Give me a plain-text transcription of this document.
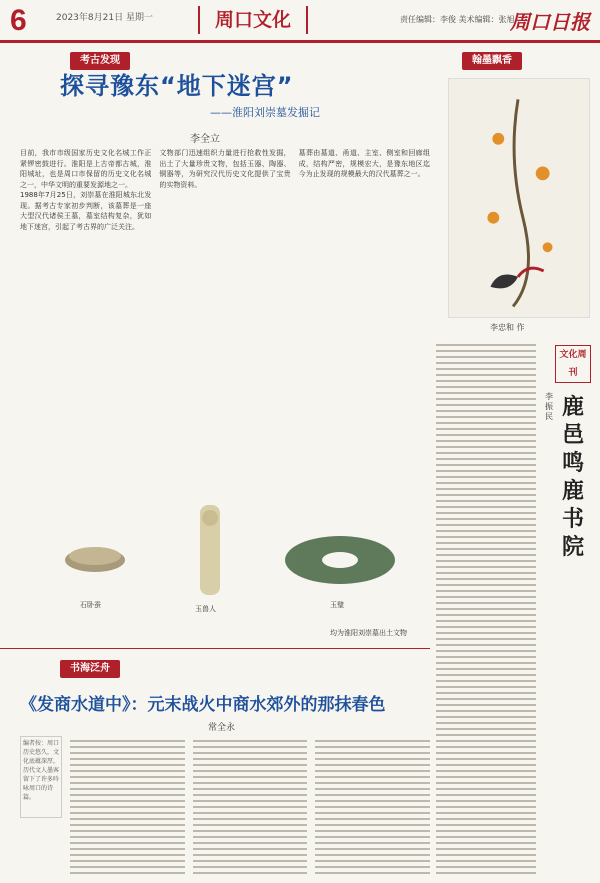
6	2023年8月21日 星期一	周口文化	责任编辑：李俊 美术编辑：张旭
周口日报
考古发现
探寻豫东“地下迷宫”
——淮阳刘崇墓发掘记
李全立

目前，我市市级国家历史文化名城工作正紧锣密鼓进行。淮阳是上古帝都古城，淮阳城址，也是周口市保留的历史文化名城之一，中华文明的重要发源地之一。

1988年7月25日，刘崇墓在淮阳城东北发现。据考古专家初步判断，该墓葬是一座大型汉代诸侯王墓，墓室结构复杂，犹如地下迷宫，引起了考古界的广泛关注。

文物部门迅速组织力量进行抢救性发掘，出土了大量珍贵文物，包括玉器、陶器、铜器等，为研究汉代历史文化提供了宝贵的实物资料。

墓葬由墓道、甬道、主室、侧室和回廊组成，结构严密，规模宏大，是豫东地区迄今为止发现的规模最大的汉代墓葬之一。

石卧蚕	玉兽人	玉璧
均为淮阳刘崇墓出土文物
翰墨飘香
李忠和 作
文化周刊
鹿邑鸣鹿书院
李振民
书海泛舟
《发商水道中》：元末战火中商水郊外的那抹春色
常全永
编者按：周口历史悠久，文化底蕴深厚，历代文人墨客留下了许多吟咏周口的诗篇。
